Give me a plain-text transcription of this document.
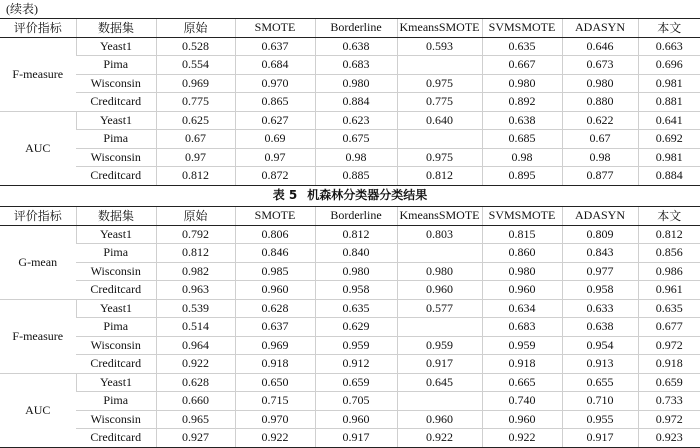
(续表)
评价指标	数据集	原始	SMOTE	Borderline	KmeansSMOTE	SVMSMOTE	ADASYN	本文
F-measure	Yeast1	0.528	0.637	0.638	0.593	0.635	0.646	0.663
	Pima	0.554	0.684	0.683		0.667	0.673	0.696
	Wisconsin	0.969	0.970	0.980	0.975	0.980	0.980	0.981
	Creditcard	0.775	0.865	0.884	0.775	0.892	0.880	0.881
AUC	Yeast1	0.625	0.627	0.623	0.640	0.638	0.622	0.641
	Pima	0.67	0.69	0.675		0.685	0.67	0.692
	Wisconsin	0.97	0.97	0.98	0.975	0.98	0.98	0.981
	Creditcard	0.812	0.872	0.885	0.812	0.895	0.877	0.884
表 5 机森林分类器分类结果
评价指标	数据集	原始	SMOTE	Borderline	KmeansSMOTE	SVMSMOTE	ADASYN	本文
G-mean	Yeast1	0.792	0.806	0.812	0.803	0.815	0.809	0.812
	Pima	0.812	0.846	0.840		0.860	0.843	0.856
	Wisconsin	0.982	0.985	0.980	0.980	0.980	0.977	0.986
	Creditcard	0.963	0.960	0.958	0.960	0.960	0.958	0.961
F-measure	Yeast1	0.539	0.628	0.635	0.577	0.634	0.633	0.635
	Pima	0.514	0.637	0.629		0.683	0.638	0.677
	Wisconsin	0.964	0.969	0.959	0.959	0.959	0.954	0.972
	Creditcard	0.922	0.918	0.912	0.917	0.918	0.913	0.918
AUC	Yeast1	0.628	0.650	0.659	0.645	0.665	0.655	0.659
	Pima	0.660	0.715	0.705		0.740	0.710	0.733
	Wisconsin	0.965	0.970	0.960	0.960	0.960	0.955	0.972
	Creditcard	0.927	0.922	0.917	0.922	0.922	0.917	0.923
